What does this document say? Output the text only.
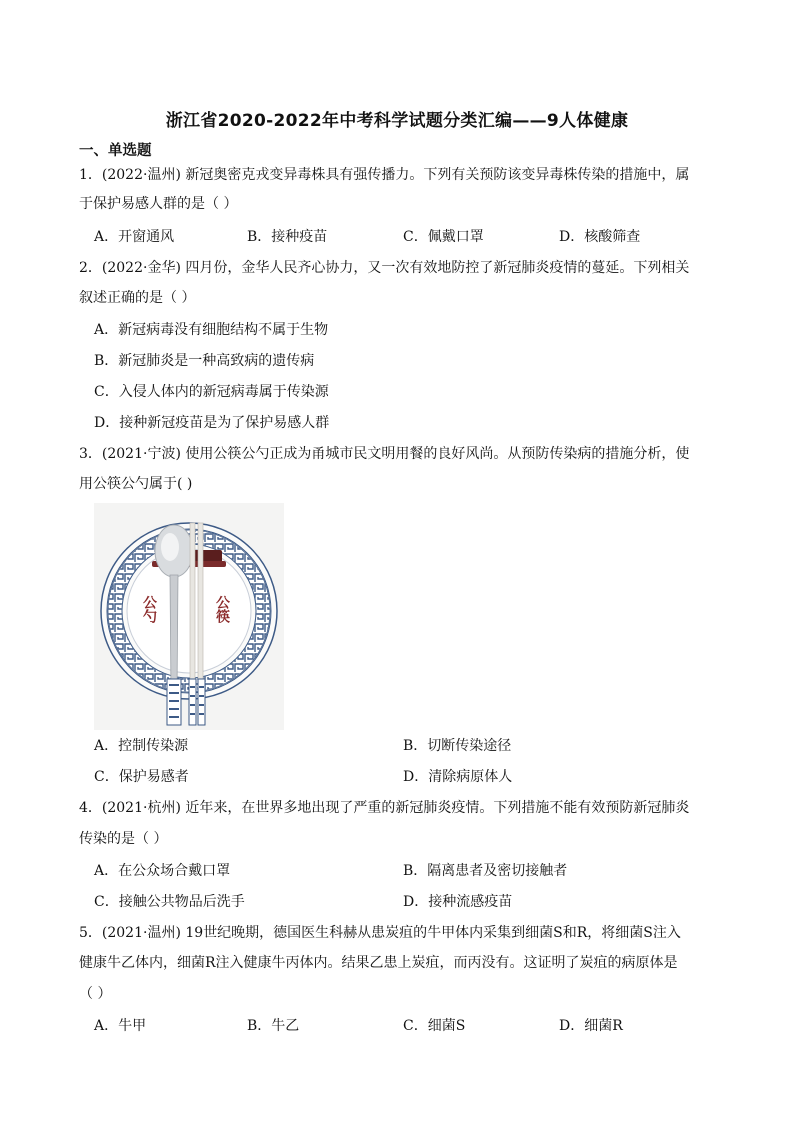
浙江省2020-2022年中考科学试题分类汇编——9人体健康
一、单选题
1．(2022·温州) 新冠奥密克戎变异毒株具有强传播力。下列有关预防该变异毒株传染的措施中，属
于保护易感人群的是（ ）
A．开窗通风	B．接种疫苗	C．佩戴口罩	D．核酸筛查
2．(2022·金华) 四月份，金华人民齐心协力，又一次有效地防控了新冠肺炎疫情的蔓延。下列相关
叙述正确的是（ ）
A．新冠病毒没有细胞结构不属于生物
B．新冠肺炎是一种高致病的遗传病
C．入侵人体内的新冠病毒属于传染源
D．接种新冠疫苗是为了保护易感人群
3．(2021·宁波) 使用公筷公勺正成为甬城市民文明用餐的良好风尚。从预防传染病的措施分析，使
用公筷公勺属于( )
公勺	公筷
A．控制传染源	B．切断传染途径
C．保护易感者	D．清除病原体人
4．(2021·杭州) 近年来，在世界多地出现了严重的新冠肺炎疫情。下列措施不能有效预防新冠肺炎
传染的是（ ）
A．在公众场合戴口罩	B．隔离患者及密切接触者
C．接触公共物品后洗手	D．接种流感疫苗
5．(2021·温州) 19世纪晚期，德国医生科赫从患炭疽的牛甲体内采集到细菌S和R，将细菌S注入
健康牛乙体内，细菌R注入健康牛丙体内。结果乙患上炭疽，而丙没有。这证明了炭疽的病原体是
（ ）
A．牛甲	B．牛乙	C．细菌S	D．细菌R
